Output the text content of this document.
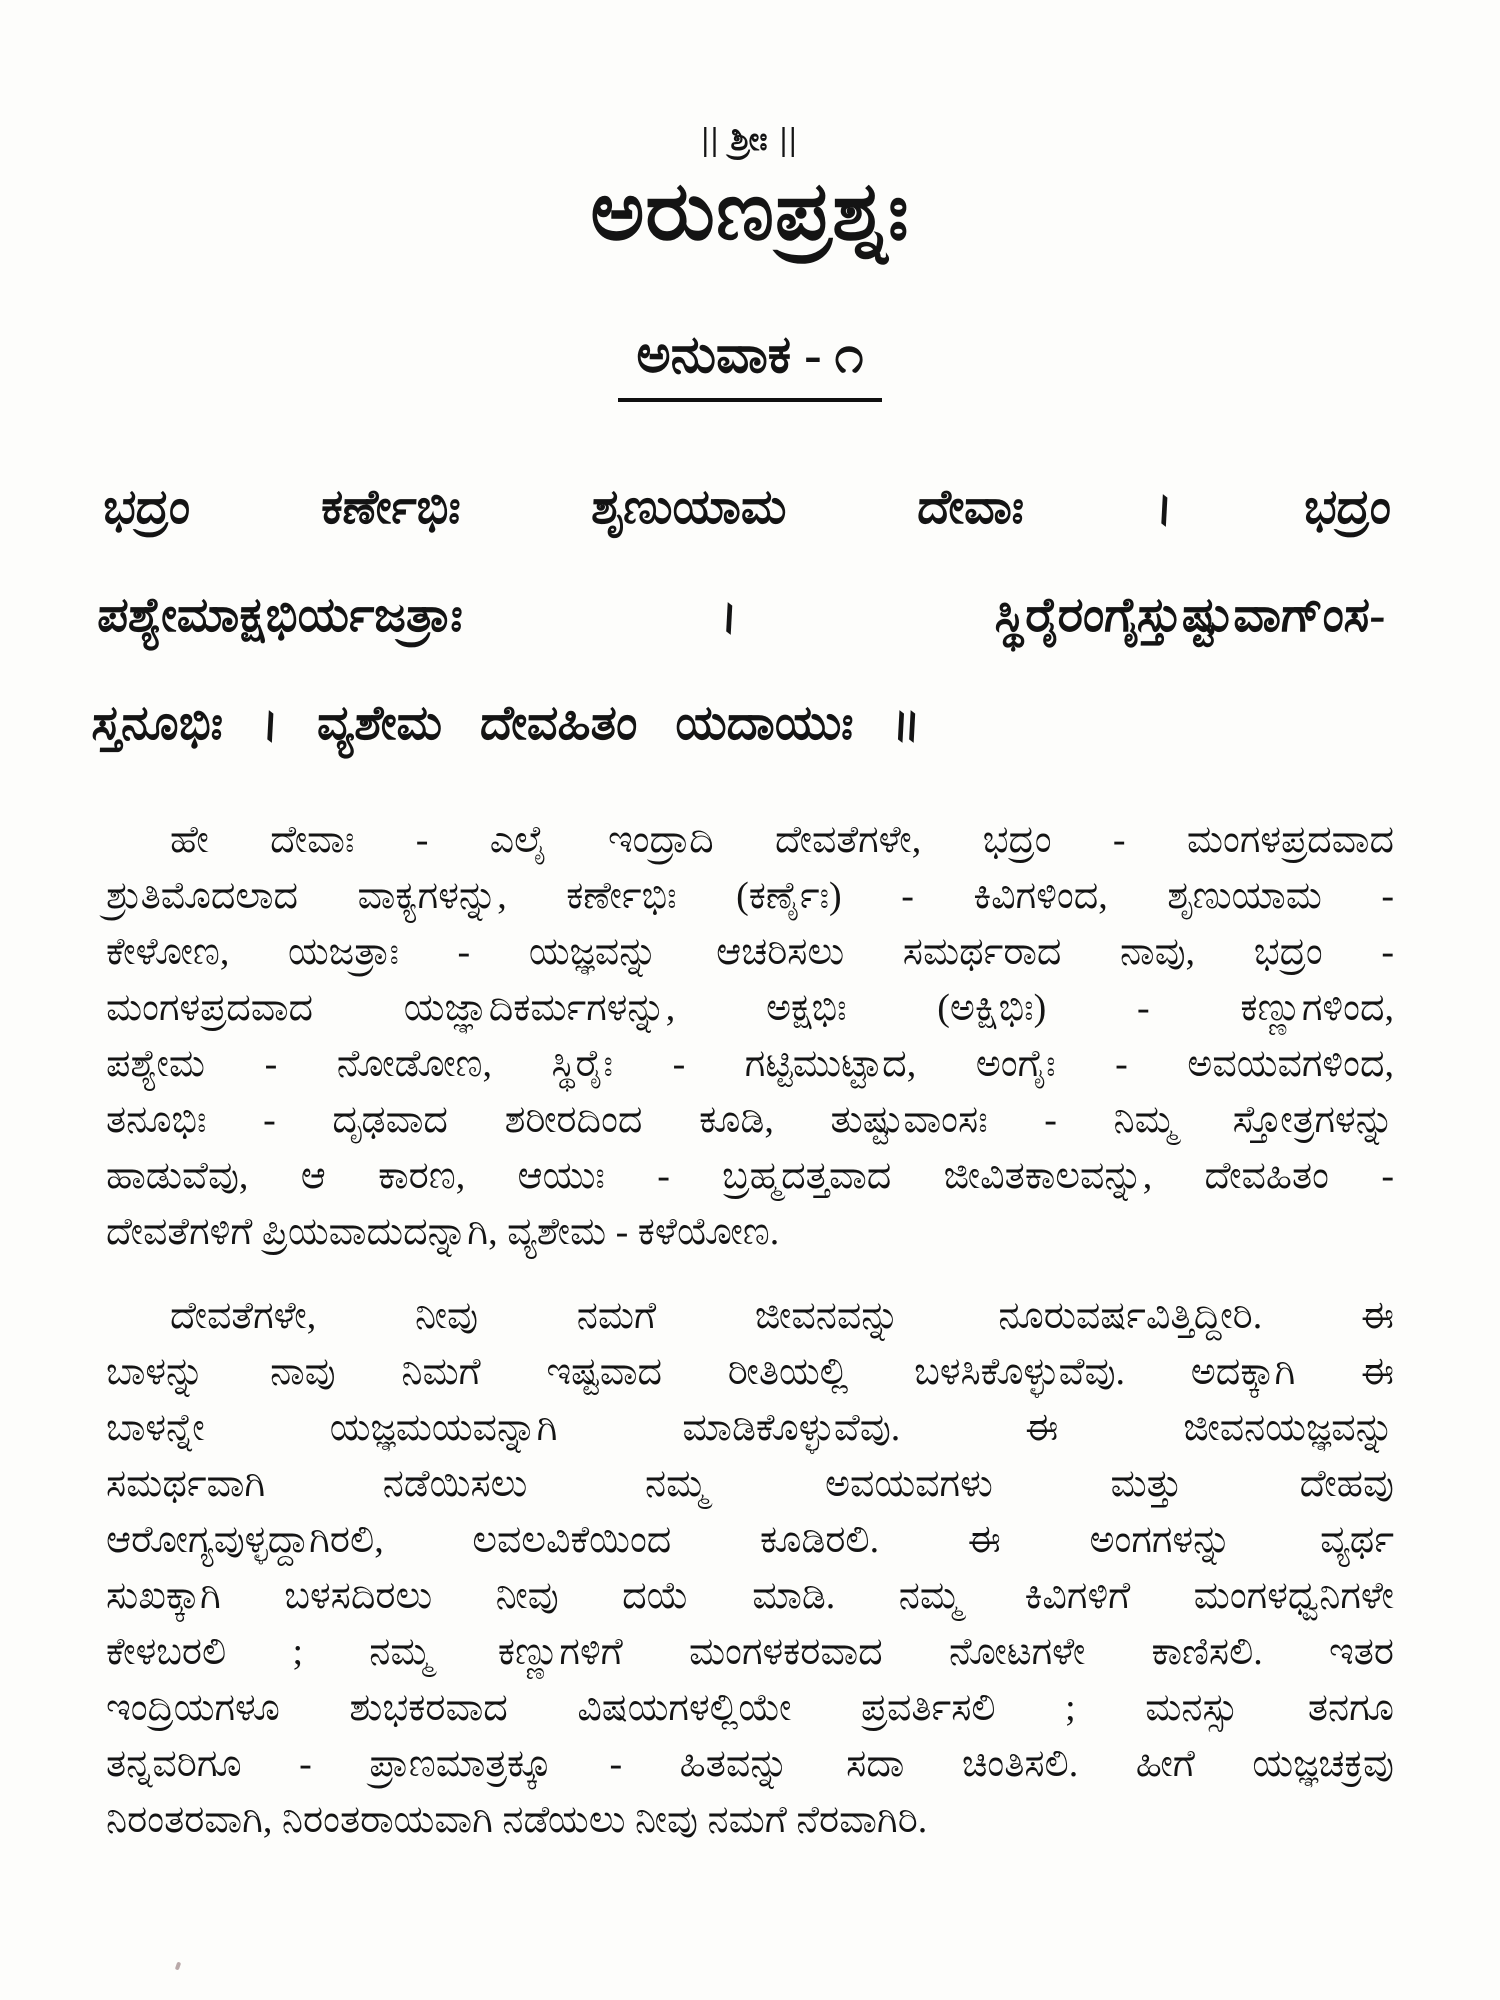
|| ಶ್ರೀಃ ||
ಅರುಣಪ್ರಶ್ನಃ
ಅನುವಾಕ - ೧
ಭದ್ರಂ ಕರ್ಣೇಭಿಃ ಶೃಣುಯಾಮ ದೇವಾಃ । ಭದ್ರಂ
ಪಶ್ಯೇಮಾಕ್ಷಭಿರ್ಯಜತ್ರಾಃ । ಸ್ಥಿರೈರಂಗೈಸ್ತುಷ್ಟುವಾಗ್ಂಸ-
ಸ್ತನೂಭಿಃ । ವ್ಯಶೇಮ ದೇವಹಿತಂ ಯದಾಯುಃ ॥
ಹೇ ದೇವಾಃ - ಎಲೈ ಇಂದ್ರಾದಿ ದೇವತೆಗಳೇ, ಭದ್ರಂ - ಮಂಗಳಪ್ರದವಾದ
ಶ್ರುತಿಮೊದಲಾದ ವಾಕ್ಯಗಳನ್ನು, ಕರ್ಣೇಭಿಃ (ಕರ್ಣೈಃ) - ಕಿವಿಗಳಿಂದ, ಶೃಣುಯಾಮ -
ಕೇಳೋಣ, ಯಜತ್ರಾಃ - ಯಜ್ಞವನ್ನು ಆಚರಿಸಲು ಸಮರ್ಥರಾದ ನಾವು, ಭದ್ರಂ -
ಮಂಗಳಪ್ರದವಾದ ಯಜ್ಞಾದಿಕರ್ಮಗಳನ್ನು, ಅಕ್ಷಭಿಃ (ಅಕ್ಷಿಭಿಃ) - ಕಣ್ಣುಗಳಿಂದ,
ಪಶ್ಯೇಮ - ನೋಡೋಣ, ಸ್ಥಿರೈಃ - ಗಟ್ಟಿಮುಟ್ಟಾದ, ಅಂಗೈಃ - ಅವಯವಗಳಿಂದ,
ತನೂಭಿಃ - ದೃಢವಾದ ಶರೀರದಿಂದ ಕೂಡಿ, ತುಷ್ಟುವಾಂಸಃ - ನಿಮ್ಮ ಸ್ತೋತ್ರಗಳನ್ನು
ಹಾಡುವೆವು, ಆ ಕಾರಣ, ಆಯುಃ - ಬ್ರಹ್ಮದತ್ತವಾದ ಜೀವಿತಕಾಲವನ್ನು, ದೇವಹಿತಂ -
ದೇವತೆಗಳಿಗೆ ಪ್ರಿಯವಾದುದನ್ನಾಗಿ, ವ್ಯಶೇಮ - ಕಳೆಯೋಣ.
ದೇವತೆಗಳೇ, ನೀವು ನಮಗೆ ಜೀವನವನ್ನು ನೂರುವರ್ಷವಿತ್ತಿದ್ದೀರಿ. ಈ
ಬಾಳನ್ನು ನಾವು ನಿಮಗೆ ಇಷ್ಟವಾದ ರೀತಿಯಲ್ಲಿ ಬಳಸಿಕೊಳ್ಳುವೆವು. ಅದಕ್ಕಾಗಿ ಈ
ಬಾಳನ್ನೇ ಯಜ್ಞಮಯವನ್ನಾಗಿ ಮಾಡಿಕೊಳ್ಳುವೆವು. ಈ ಜೀವನಯಜ್ಞವನ್ನು
ಸಮರ್ಥವಾಗಿ ನಡೆಯಿಸಲು ನಮ್ಮ ಅವಯವಗಳು ಮತ್ತು ದೇಹವು
ಆರೋಗ್ಯವುಳ್ಳದ್ದಾಗಿರಲಿ, ಲವಲವಿಕೆಯಿಂದ ಕೂಡಿರಲಿ. ಈ ಅಂಗಗಳನ್ನು ವ್ಯರ್ಥ
ಸುಖಕ್ಕಾಗಿ ಬಳಸದಿರಲು ನೀವು ದಯೆ ಮಾಡಿ. ನಮ್ಮ ಕಿವಿಗಳಿಗೆ ಮಂಗಳಧ್ವನಿಗಳೇ
ಕೇಳಬರಲಿ ; ನಮ್ಮ ಕಣ್ಣುಗಳಿಗೆ ಮಂಗಳಕರವಾದ ನೋಟಗಳೇ ಕಾಣಿಸಲಿ. ಇತರ
ಇಂದ್ರಿಯಗಳೂ ಶುಭಕರವಾದ ವಿಷಯಗಳಲ್ಲಿಯೇ ಪ್ರವರ್ತಿಸಲಿ ; ಮನಸ್ಸು ತನಗೂ
ತನ್ನವರಿಗೂ - ಪ್ರಾಣಮಾತ್ರಕ್ಕೂ - ಹಿತವನ್ನು ಸದಾ ಚಿಂತಿಸಲಿ. ಹೀಗೆ ಯಜ್ಞಚಕ್ರವು
ನಿರಂತರವಾಗಿ, ನಿರಂತರಾಯವಾಗಿ ನಡೆಯಲು ನೀವು ನಮಗೆ ನೆರವಾಗಿರಿ.
